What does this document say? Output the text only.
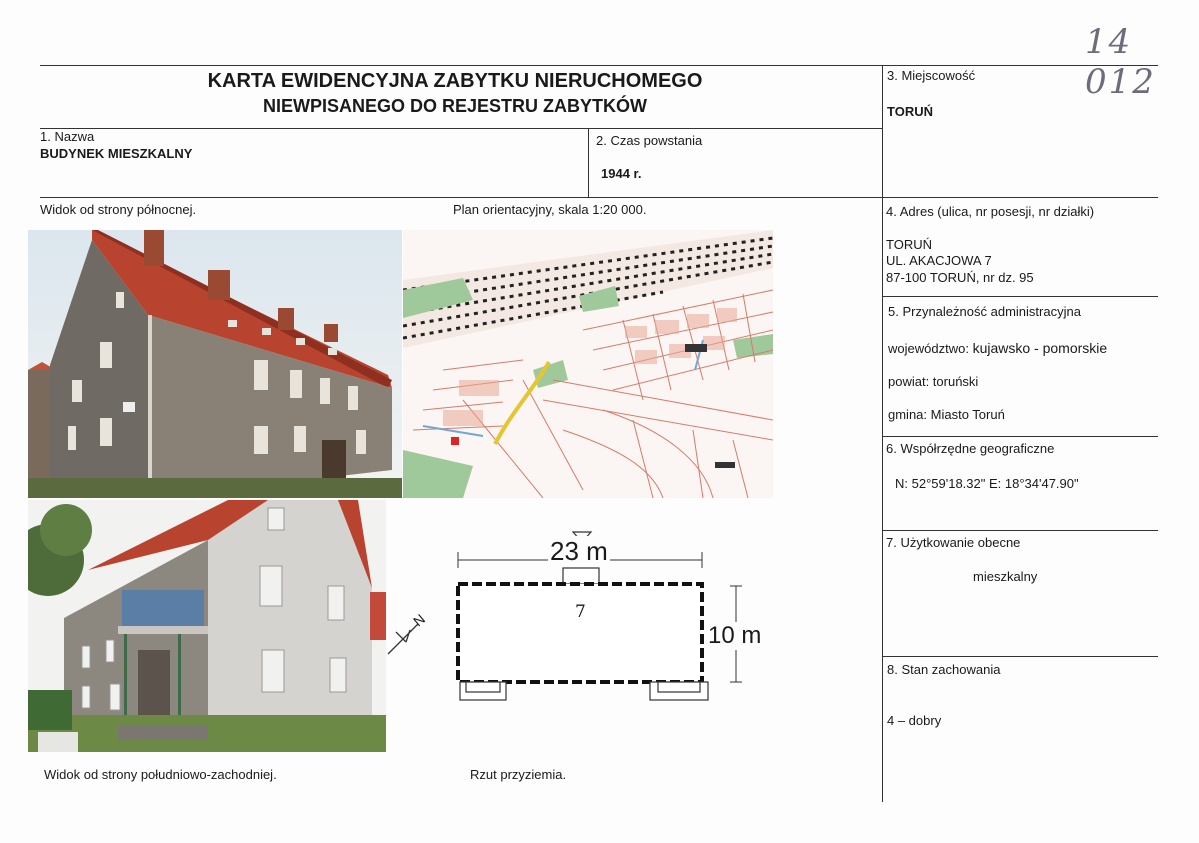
14 012
KARTA EWIDENCYJNA ZABYTKU NIERUCHOMEGO
NIEWPISANEGO DO REJESTRU ZABYTKÓW
3. Miejscowość
TORUŃ
1. Nazwa
BUDYNEK MIESZKALNY
2. Czas powstania
1944 r.
Widok od strony północnej.	Plan orientacyjny, skala 1:20 000.
Widok od strony południowo-zachodniej.	Rzut przyziemia.
4. Adres (ulica, nr posesji, nr działki)
TORUŃ
UL. AKACJOWA 7
87-100 TORUŃ, nr dz. 95
5. Przynależność administracyjna
województwo: kujawsko - pomorskie
powiat: toruński
gmina: Miasto Toruń
6. Współrzędne geograficzne
N: 52°59'18.32" E: 18°34'47.90"
7. Użytkowanie obecne
mieszkalny
8. Stan zachowania
4 – dobry
N
23 m
10 m
7
